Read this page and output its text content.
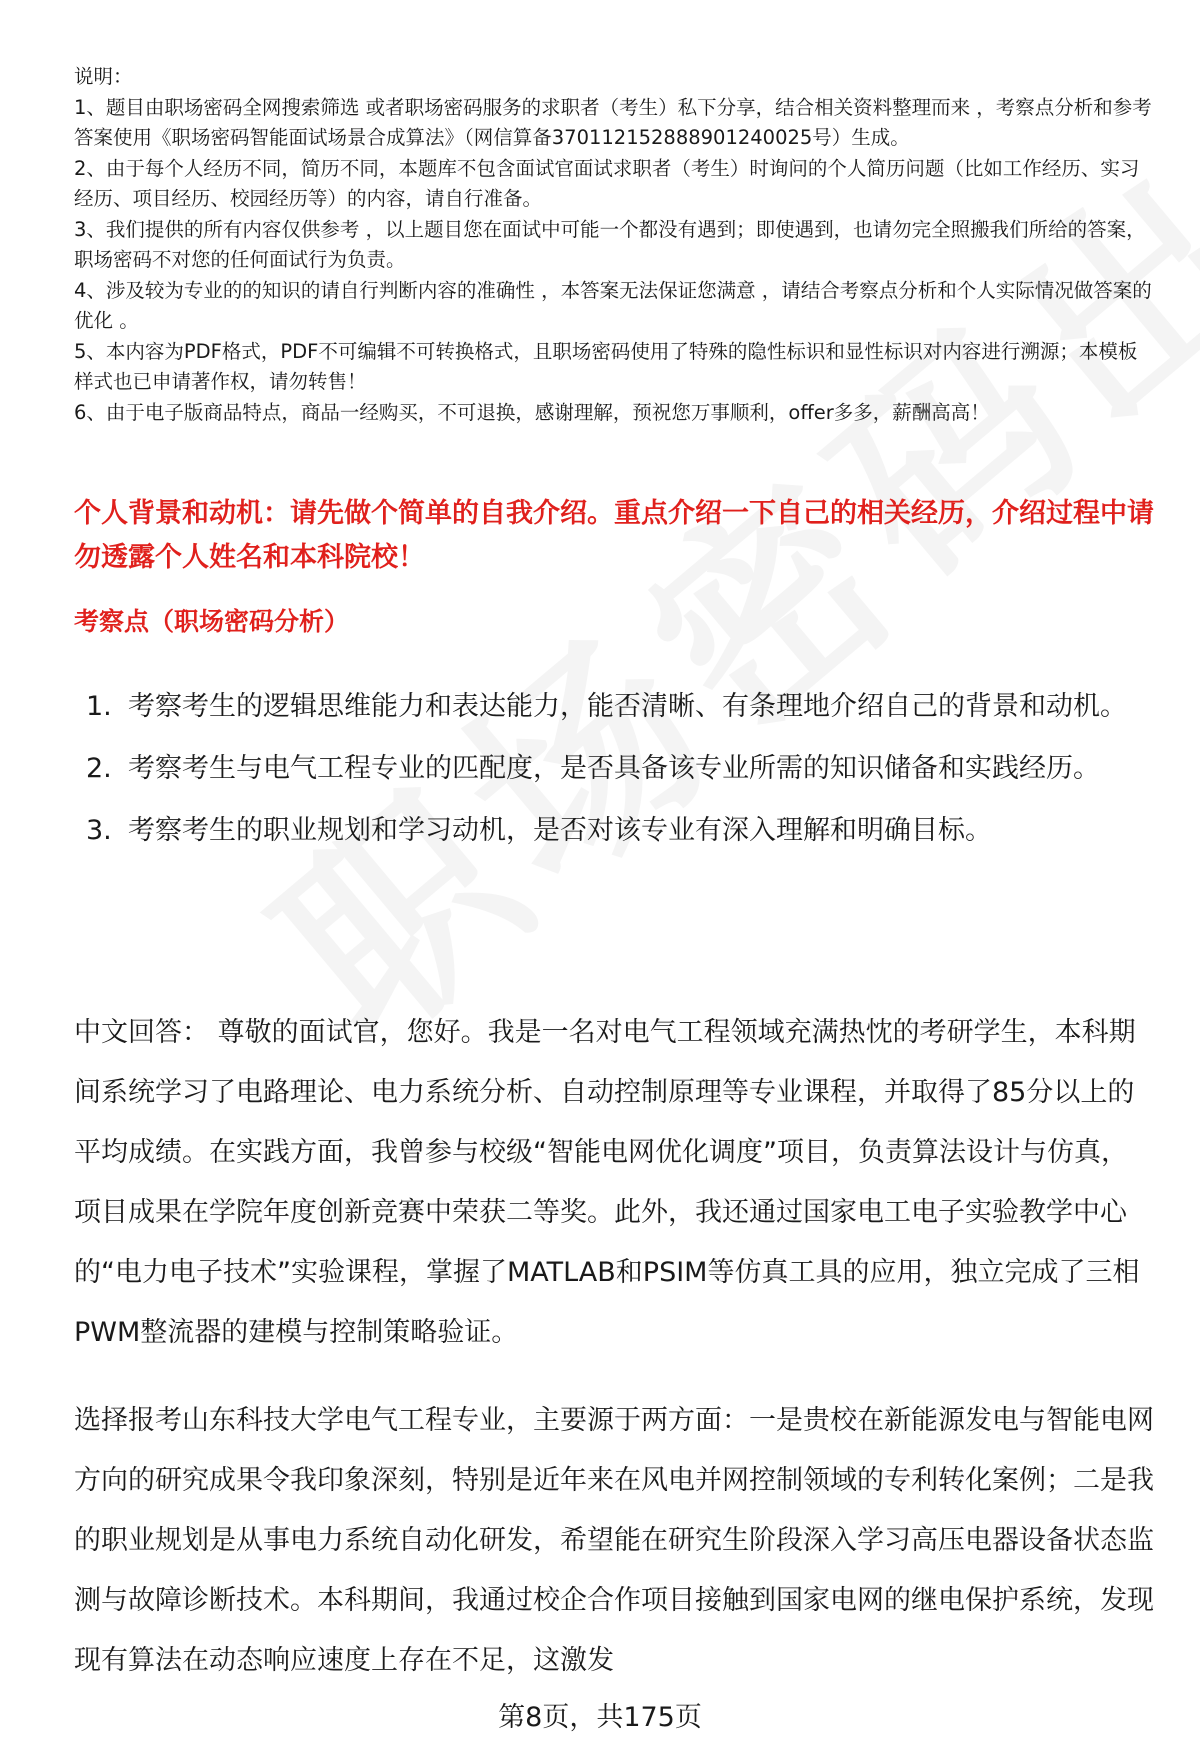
说明：

1、题目由职场密码全网搜索筛选 或者职场密码服务的求职者（考生）私下分享，结合相关资料整理而来 ，考察点分析和参考答案使用《职场密码智能面试场景合成算法》（网信算备370112152888901240025号）生成。

2、由于每个人经历不同，简历不同，本题库不包含面试官面试求职者（考生）时询问的个人简历问题（比如工作经历、实习经历、项目经历、校园经历等）的内容，请自行准备。

3、我们提供的所有内容仅供参考 ，以上题目您在面试中可能一个都没有遇到；即使遇到，也请勿完全照搬我们所给的答案，职场密码不对您的任何面试行为负责。

4、涉及较为专业的的知识的请自行判断内容的准确性 ，本答案无法保证您满意 ，请结合考察点分析和个人实际情况做答案的优化 。

5、本内容为PDF格式，PDF不可编辑不可转换格式，且职场密码使用了特殊的隐性标识和显性标识对内容进行溯源；本模板样式也已申请著作权，请勿转售！

6、由于电子版商品特点，商品一经购买，不可退换，感谢理解，预祝您万事顺利，offer多多，薪酬高高！

个人背景和动机：请先做个简单的自我介绍。重点介绍一下自己的相关经历，介绍过程中请勿透露个人姓名和本科院校！

考察点（职场密码分析）

1. 考察考生的逻辑思维能力和表达能力，能否清晰、有条理地介绍自己的背景和动机。
2. 考察考生与电气工程专业的匹配度，是否具备该专业所需的知识储备和实践经历。
3. 考察考生的职业规划和学习动机，是否对该专业有深入理解和明确目标。

中文回答： 尊敬的面试官，您好。我是一名对电气工程领域充满热忱的考研学生，本科期间系统学习了电路理论、电力系统分析、自动控制原理等专业课程，并取得了85分以上的平均成绩。在实践方面，我曾参与校级“智能电网优化调度”项目，负责算法设计与仿真，项目成果在学院年度创新竞赛中荣获二等奖。此外，我还通过国家电工电子实验教学中心的“电力电子技术”实验课程，掌握了MATLAB和PSIM等仿真工具的应用，独立完成了三相PWM整流器的建模与控制策略验证。

选择报考山东科技大学电气工程专业，主要源于两方面：一是贵校在新能源发电与智能电网方向的研究成果令我印象深刻，特别是近年来在风电并网控制领域的专利转化案例；二是我的职业规划是从事电力系统自动化研发，希望能在研究生阶段深入学习高压电器设备状态监测与故障诊断技术。本科期间，我通过校企合作项目接触到国家电网的继电保护系统，发现现有算法在动态响应速度上存在不足，这激发

第8页，共175页
